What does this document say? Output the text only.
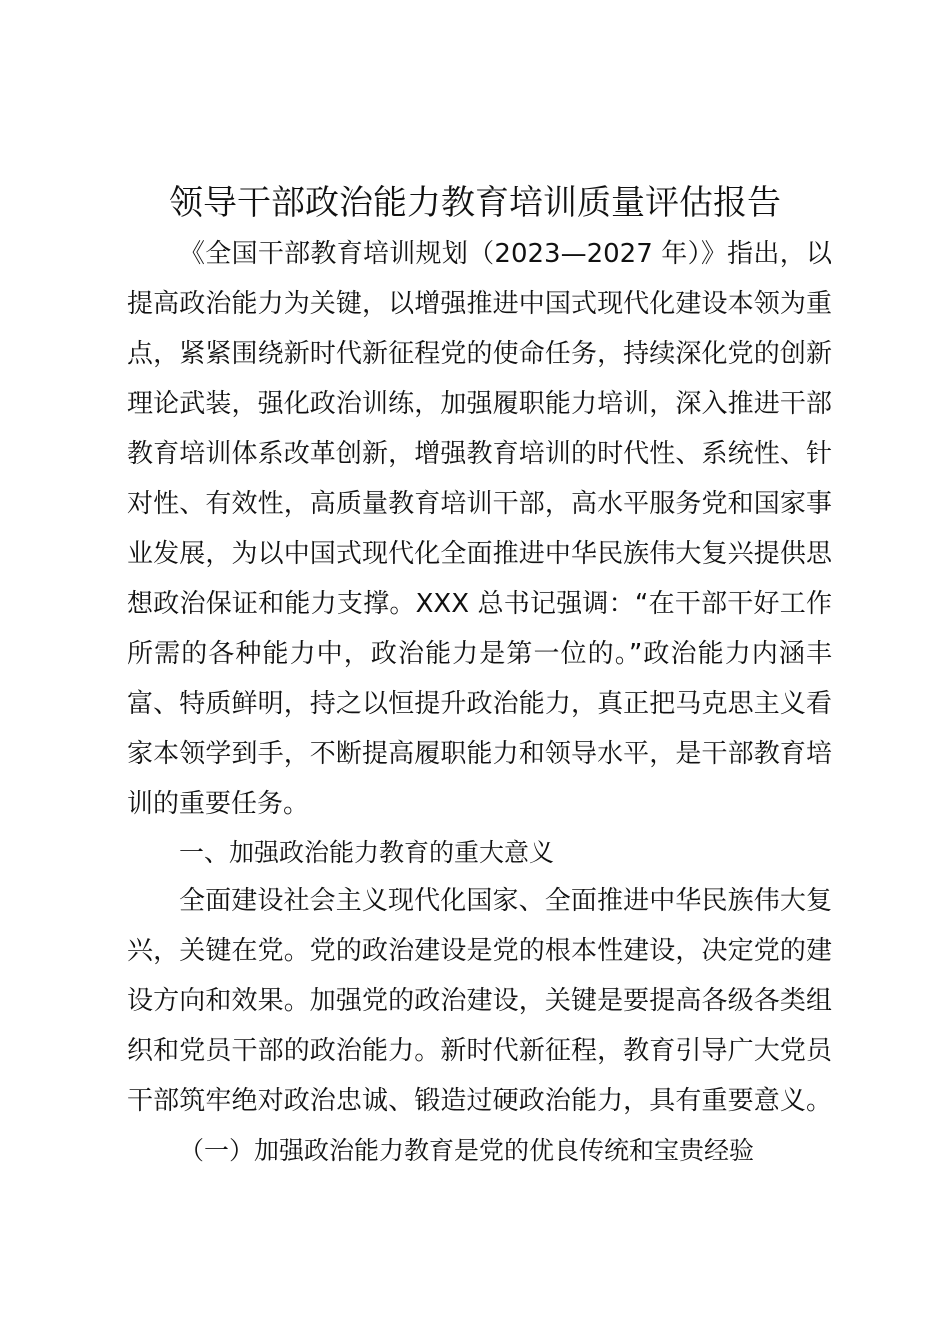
领导干部政治能力教育培训质量评估报告
《全国干部教育培训规划（2023—2027 年）》指出，以
提高政治能力为关键，以增强推进中国式现代化建设本领为重
点，紧紧围绕新时代新征程党的使命任务，持续深化党的创新
理论武装，强化政治训练，加强履职能力培训，深入推进干部
教育培训体系改革创新，增强教育培训的时代性、系统性、针
对性、有效性，高质量教育培训干部，高水平服务党和国家事
业发展，为以中国式现代化全面推进中华民族伟大复兴提供思
想政治保证和能力支撑。XXX 总书记强调：“在干部干好工作
所需的各种能力中，政治能力是第一位的。”政治能力内涵丰
富、特质鲜明，持之以恒提升政治能力，真正把马克思主义看
家本领学到手，不断提高履职能力和领导水平，是干部教育培
训的重要任务。
一、加强政治能力教育的重大意义
全面建设社会主义现代化国家、全面推进中华民族伟大复
兴，关键在党。党的政治建设是党的根本性建设，决定党的建
设方向和效果。加强党的政治建设，关键是要提高各级各类组
织和党员干部的政治能力。新时代新征程，教育引导广大党员
干部筑牢绝对政治忠诚、锻造过硬政治能力，具有重要意义。
（一）加强政治能力教育是党的优良传统和宝贵经验
